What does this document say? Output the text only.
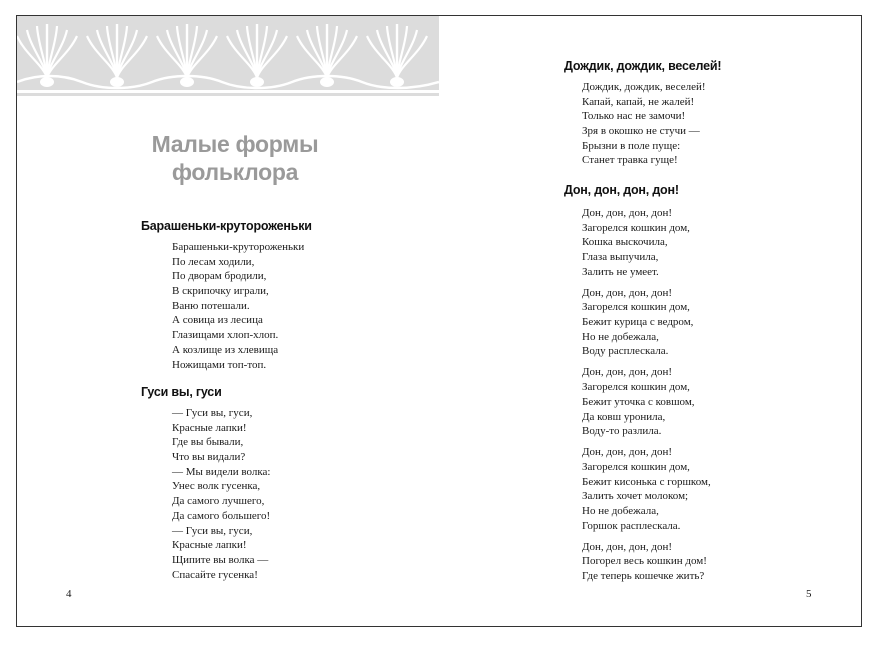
Малые формы
фольклора
Барашеньки-крутороженьки
Барашеньки-крутороженьки
По лесам ходили,
По дворам бродили,
В скрипочку играли,
Ваню потешали.
А совица из лесица
Глазищами хлоп-хлоп.
А козлище из хлевища
Ножищами топ-топ.
Гуси вы, гуси
— Гуси вы, гуси,
Красные лапки!
Где вы бывали,
Что вы видали?
— Мы видели волка:
Унес волк гусенка,
Да самого лучшего,
Да самого большего!
— Гуси вы, гуси,
Красные лапки!
Щипите вы волка —
Спасайте гусенка!
4
Дождик, дождик, веселей!
Дождик, дождик, веселей!
Капай, капай, не жалей!
Только нас не замочи!
Зря в окошко не стучи —
Брызни в поле пуще:
Станет травка гуще!
Дон, дон, дон, дон!
Дон, дон, дон, дон!
Загорелся кошкин дом,
Кошка выскочила,
Глаза выпучила,
Залить не умеет.
Дон, дон, дон, дон!
Загорелся кошкин дом,
Бежит курица с ведром,
Но не добежала,
Воду расплескала.
Дон, дон, дон, дон!
Загорелся кошкин дом,
Бежит уточка с ковшом,
Да ковш уронила,
Воду-то разлила.
Дон, дон, дон, дон!
Загорелся кошкин дом,
Бежит кисонька с горшком,
Залить хочет молоком;
Но не добежала,
Горшок расплескала.
Дон, дон, дон, дон!
Погорел весь кошкин дом!
Где теперь кошечке жить?
5
